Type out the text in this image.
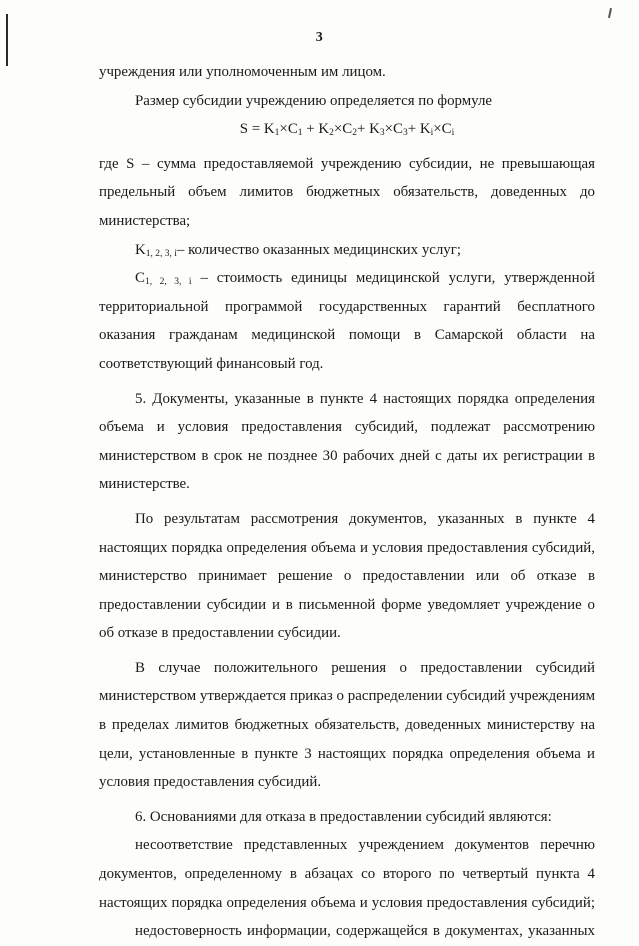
3
учреждения или уполномоченным им лицом.
Размер субсидии учреждению определяется по формуле
$S = K_1\times C_1 + K_2\times C_2+ K_3\times C_3+ K_i\times C_i$
где S – сумма предоставляемой учреждению субсидии, не превышающая
предельный объем лимитов бюджетных обязательств, доведенных до
министерства;
$K_{1, 2, 3, i}-$ количество оказанных медицинских услуг;
$C_{1, 2, 3, i}$ – стоимость единицы медицинской услуги, утвержденной
территориальной программой государственных гарантий бесплатного
оказания гражданам медицинской помощи в Самарской области на
соответствующий финансовый год.
5. Документы, указанные в пункте 4 настоящих порядка определения
объема и условия предоставления субсидий, подлежат рассмотрению
министерством в срок не позднее 30 рабочих дней с даты их регистрации в
министерстве.
По результатам рассмотрения документов, указанных в пункте 4
настоящих порядка определения объема и условия предоставления субсидий,
министерство принимает решение о предоставлении или об отказе в
предоставлении субсидии и в письменной форме уведомляет учреждение о
об отказе в предоставлении субсидии.
В случае положительного решения о предоставлении субсидий
министерством утверждается приказ о распределении субсидий учреждениям
в пределах лимитов бюджетных обязательств, доведенных министерству на
цели, установленные в пункте 3 настоящих порядка определения объема и
условия предоставления субсидий.
6. Основаниями для отказа в предоставлении субсидий являются:
несоответствие представленных учреждением документов перечню
документов, определенному в абзацах со второго по четвертый пункта 4
настоящих порядка определения объема и условия предоставления субсидий;
недостоверность информации, содержащейся в документах, указанных
